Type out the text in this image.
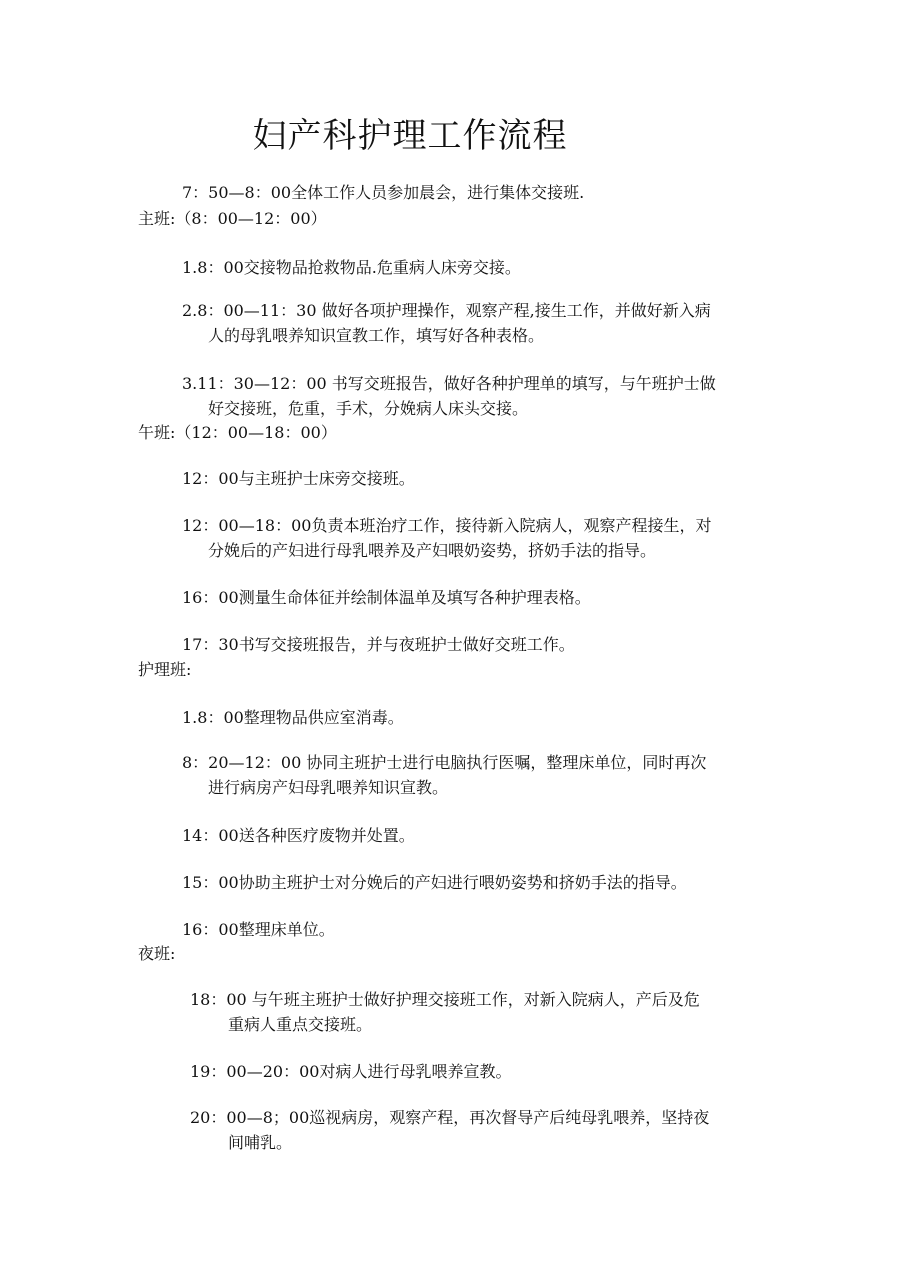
妇产科护理工作流程
7：50—8：00全体工作人员参加晨会，进行集体交接班.
主班:（8：00—12：00）
1.8：00交接物品抢救物品.危重病人床旁交接。
2.8：00—11：30 做好各项护理操作，观察产程,接生工作，并做好新入病
人的母乳喂养知识宣教工作，填写好各种表格。
3.11：30—12：00 书写交班报告，做好各种护理单的填写，与午班护士做
好交接班，危重，手术，分娩病人床头交接。
午班:（12：00—18：00）
12：00与主班护士床旁交接班。
12：00—18：00负责本班治疗工作，接待新入院病人，观察产程接生，对
分娩后的产妇进行母乳喂养及产妇喂奶姿势，挤奶手法的指导。
16：00测量生命体征并绘制体温单及填写各种护理表格。
17：30书写交接班报告，并与夜班护士做好交班工作。
护理班:
1.8：00整理物品供应室消毒。
8：20—12：00 协同主班护士进行电脑执行医嘱，整理床单位，同时再次
进行病房产妇母乳喂养知识宣教。
14：00送各种医疗废物并处置。
15：00协助主班护士对分娩后的产妇进行喂奶姿势和挤奶手法的指导。
16：00整理床单位。
夜班:
18：00 与午班主班护士做好护理交接班工作，对新入院病人，产后及危
重病人重点交接班。
19：00—20：00对病人进行母乳喂养宣教。
20：00—8；00巡视病房，观察产程，再次督导产后纯母乳喂养，坚持夜
间哺乳。
